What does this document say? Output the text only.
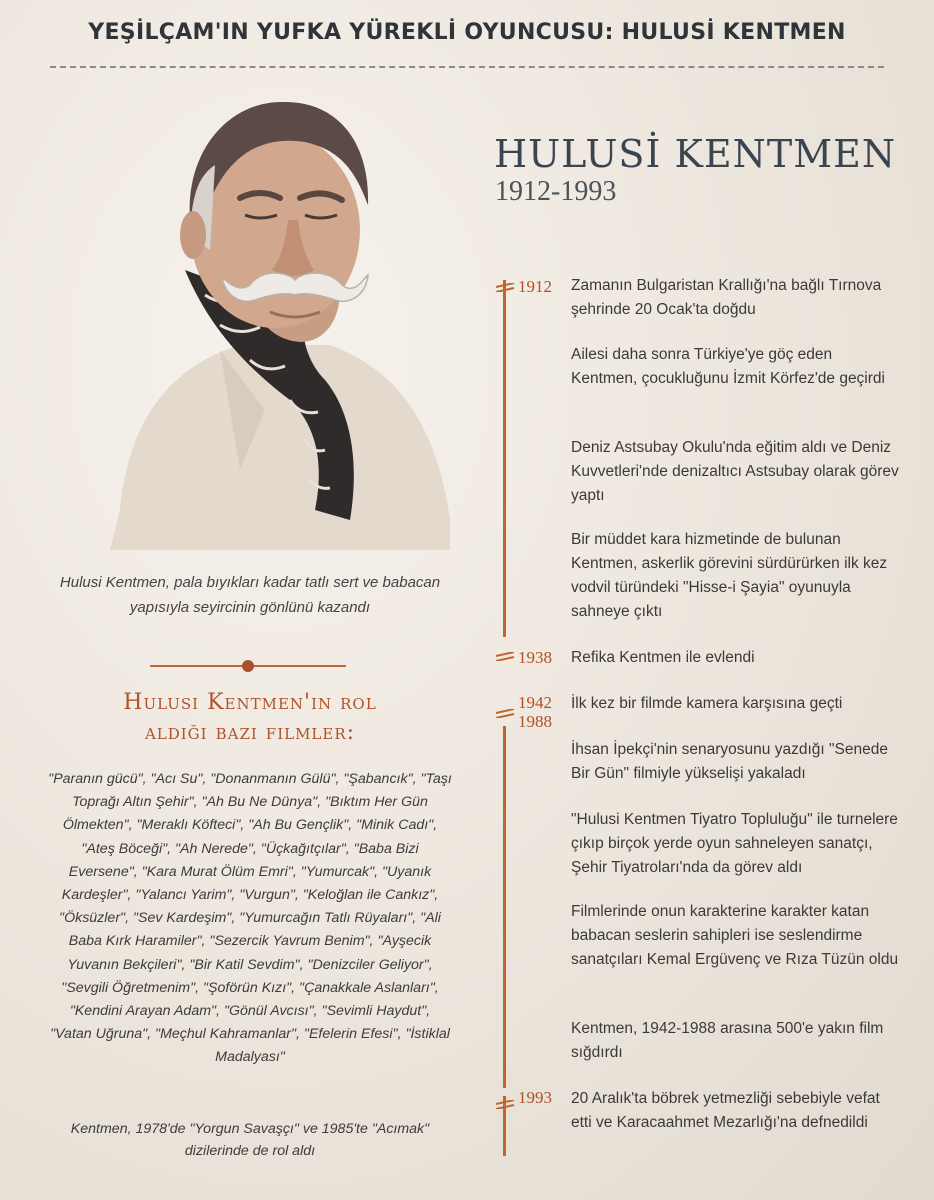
YEŞİLÇAM'IN YUFKA YÜREKLİ OYUNCUSU: HULUSİ KENTMEN
Hulusi Kentmen, pala bıyıkları kadar tatlı sert ve babacan yapısıyla seyircinin gönlünü kazandı
Hulusi Kentmen'in rol
aldığı bazı filmler:
"Paranın gücü", "Acı Su", "Donanmanın Gülü", "Şabancık", "Taşı Toprağı Altın Şehir", "Ah Bu Ne Dünya", "Bıktım Her Gün Ölmekten", "Meraklı Köfteci", "Ah Bu Gençlik", "Minik Cadı", "Ateş Böceği", "Ah Nerede", "Üçkağıtçılar", "Baba Bizi Eversene", "Kara Murat Ölüm Emri", "Yumurcak", "Uyanık Kardeşler", "Yalancı Yarim", "Vurgun", "Keloğlan ile Cankız", "Öksüzler", "Sev Kardeşim", "Yumurcağın Tatlı Rüyaları", "Ali Baba Kırk Haramiler", "Sezercik Yavrum Benim", "Ayşecik Yuvanın Bekçileri", "Bir Katil Sevdim", "Denizciler Geliyor", "Sevgili Öğretmenim", "Şoförün Kızı", "Çanakkale Aslanları", "Kendini Arayan Adam", "Gönül Avcısı", "Sevimli Haydut", "Vatan Uğruna", "Meçhul Kahramanlar", "Efelerin Efesi", "İstiklal Madalyası"
Kentmen, 1978'de "Yorgun Savaşçı" ve 1985'te "Acımak" dizilerinde de rol aldı
HULUSİ KENTMEN
1912-1993
1912
1938
1942
1988
1993
Zamanın Bulgaristan Krallığı'na bağlı Tırnova şehrinde 20 Ocak'ta doğdu
Ailesi daha sonra Türkiye'ye göç eden Kentmen, çocukluğunu İzmit Körfez'de geçirdi
Deniz Astsubay Okulu'nda eğitim aldı ve Deniz Kuvvetleri'nde denizaltıcı Astsubay olarak görev yaptı
Bir müddet kara hizmetinde de bulunan Kentmen, askerlik görevini sürdürürken ilk kez vodvil türündeki "Hisse-i Şayia" oyunuyla sahneye çıktı
Refika Kentmen ile evlendi
İlk kez bir filmde kamera karşısına geçti
İhsan İpekçi'nin senaryosunu yazdığı "Senede Bir Gün" filmiyle yükselişi yakaladı
"Hulusi Kentmen Tiyatro Topluluğu" ile turnelere çıkıp birçok yerde oyun sahneleyen sanatçı, Şehir Tiyatroları'nda da görev aldı
Filmlerinde onun karakterine karakter katan babacan seslerin sahipleri ise seslendirme sanatçıları Kemal Ergüvenç ve Rıza Tüzün oldu
Kentmen, 1942-1988 arasına 500'e yakın film sığdırdı
20 Aralık'ta böbrek yetmezliği sebebiyle vefat etti ve Karacaahmet Mezarlığı'na defnedildi
